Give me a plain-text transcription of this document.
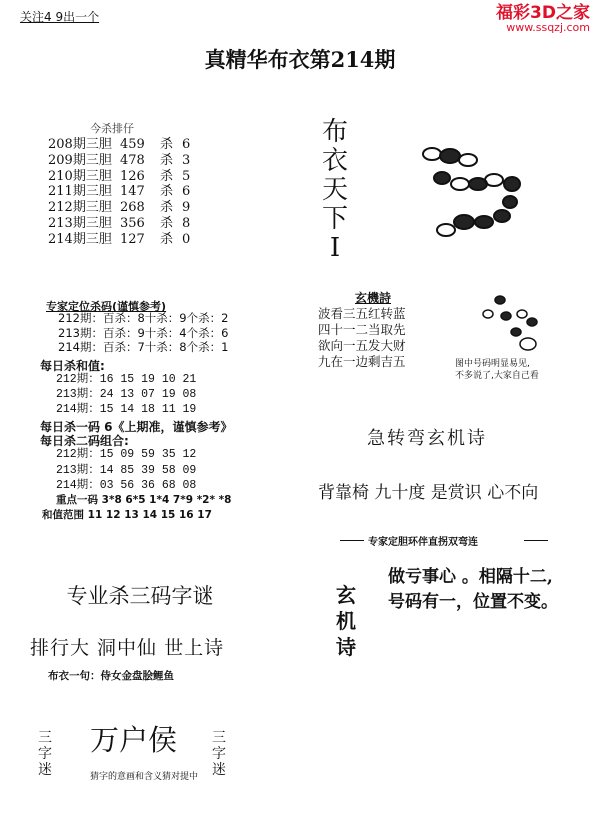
关注4 9出一个	福彩3D之家
www.ssqzj.com
真精华布衣第214期
今杀排仔
208期三胆 459 杀 6
209期三胆 478 杀 3
210期三胆 126 杀 5
211期三胆 147 杀 6
212期三胆 268 杀 9
213期三胆 356 杀 8
214期三胆 127 杀 0
专家定位杀码(谨慎参考)
212期：百杀：8十杀：9个杀：2
213期：百杀：9十杀：4个杀：6
214期：百杀：7十杀：8个杀：1
每日杀和值:
212期：16 15 19 10 21
213期：24 13 07 19 08
214期：15 14 18 11 19
每日杀一码 6《上期准，谨慎参考》
每日杀二码组合:
212期：15 09 59 35 12
213期：14 85 39 58 09
214期：03 56 36 68 08
重点一码 3*8 6*5 1*4 7*9 *2* *8
和值范围 11 12 13 14 15 16 17
专业杀三码字谜
排行大 洞中仙 世上诗
布衣一句：侍女金盘脍鲤鱼
三字迷
万户侯 三字迷
猜字的意画和含义猜对提中
布衣天下I
玄機詩
波看三五红转蓝
四十一二当取先
欲向一五发大财
九在一边剩吉五	图中号码明显易见,
不多说了,大家自己看
急转弯玄机诗
背靠椅 九十度 是赏识 心不向
专家定胆环伴直拐双弯连
玄机诗
做亏事心 。相隔十二,
号码有一，位置不变。
